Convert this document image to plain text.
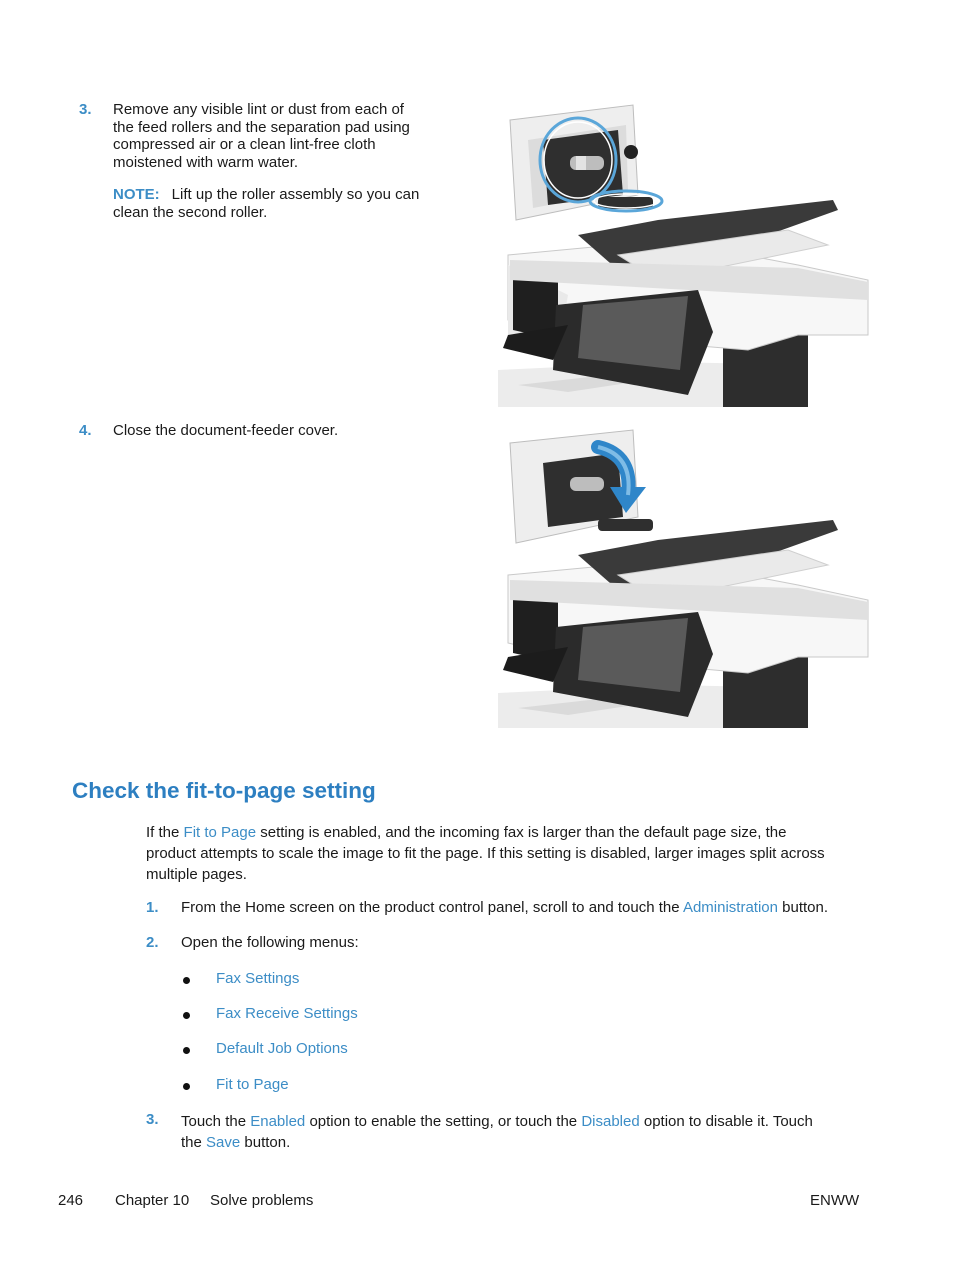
3. Remove any visible lint or dust from each of
the feed rollers and the separation pad using
compressed air or a clean lint-free cloth
moistened with warm water.
NOTE: Lift up the roller assembly so you can
clean the second roller.
4. Close the document-feeder cover.
Check the fit-to-page setting
If the Fit to Page setting is enabled, and the incoming fax is larger than the default page size, the
product attempts to scale the image to fit the page. If this setting is disabled, larger images split across
multiple pages.
1. From the Home screen on the product control panel, scroll to and touch the Administration button.
2. Open the following menus:
Fax Settings
Fax Receive Settings
Default Job Options
Fit to Page
3. Touch the Enabled option to enable the setting, or touch the Disabled option to disable it. Touch
the Save button.
246 Chapter 10 Solve problems	ENWW
